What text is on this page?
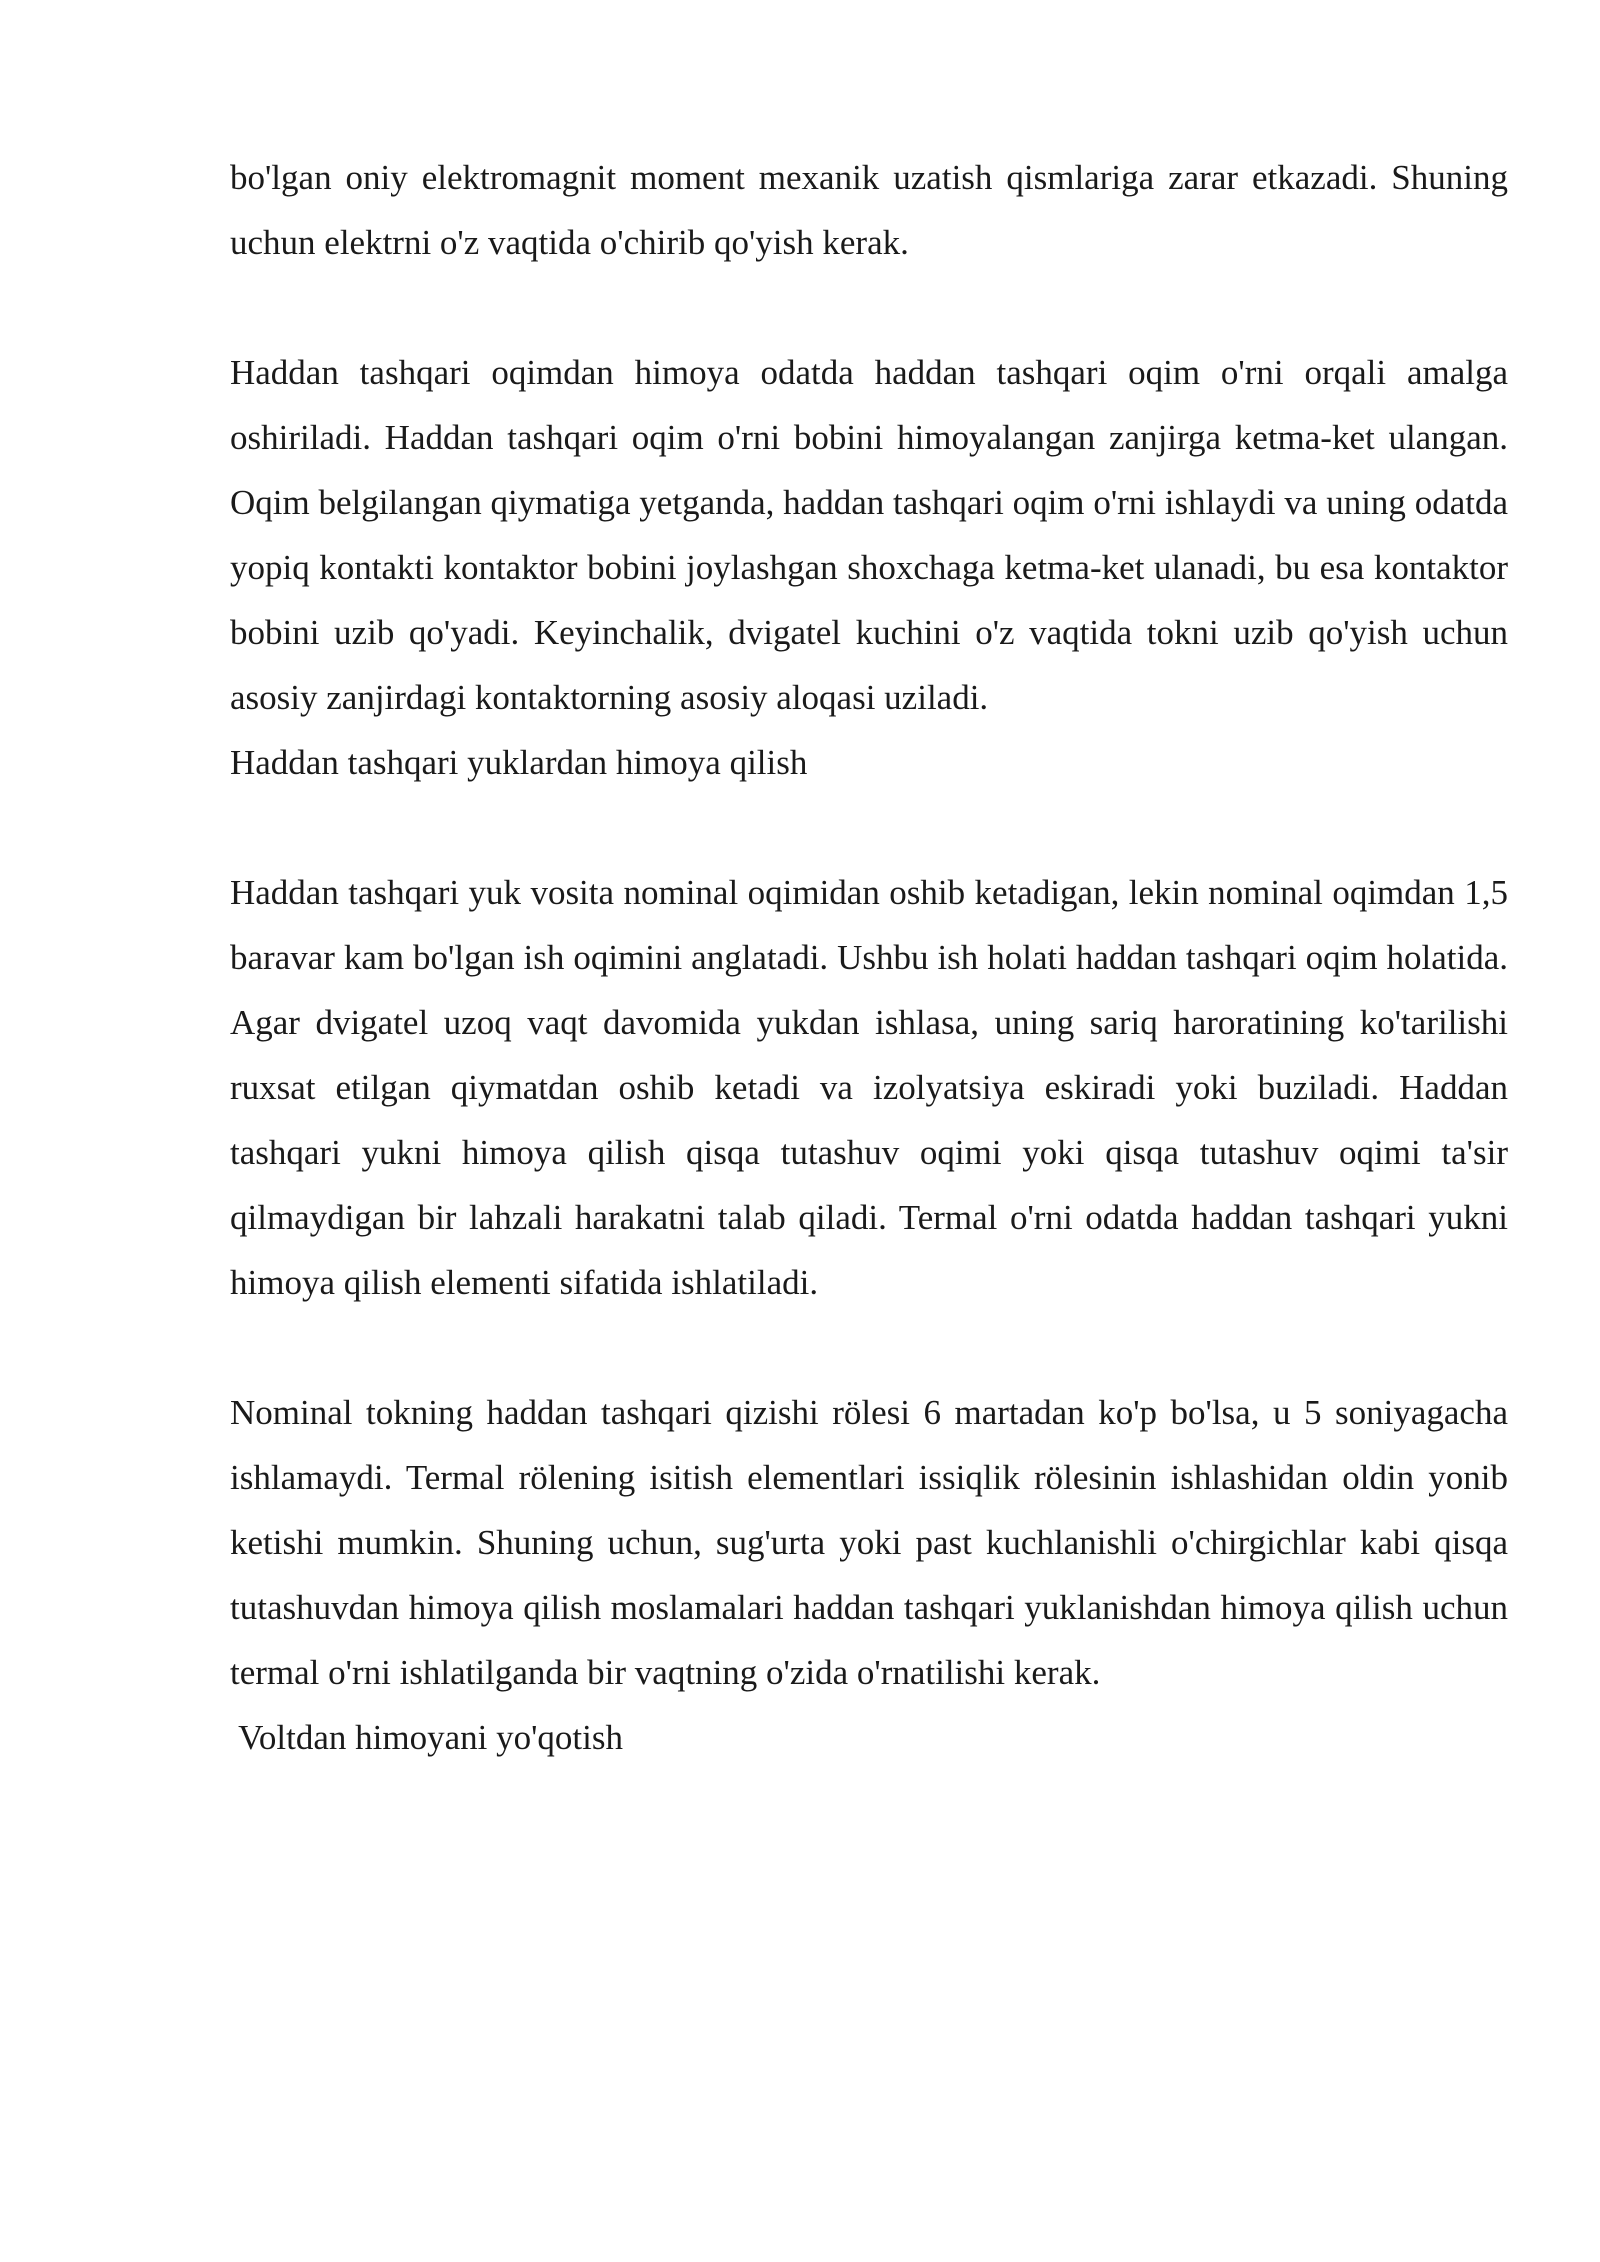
bo'lgan oniy elektromagnit moment mexanik uzatish qismlariga zarar etkazadi. Shuning uchun elektrni o'z vaqtida o'chirib qo'yish kerak.

Haddan tashqari oqimdan himoya odatda haddan tashqari oqim o'rni orqali amalga oshiriladi. Haddan tashqari oqim o'rni bobini himoyalangan zanjirga ketma-ket ulangan. Oqim belgilangan qiymatiga yetganda, haddan tashqari oqim o'rni ishlaydi va uning odatda yopiq kontakti kontaktor bobini joylashgan shoxchaga ketma-ket ulanadi, bu esa kontaktor bobini uzib qo'yadi. Keyinchalik, dvigatel kuchini o'z vaqtida tokni uzib qo'yish uchun asosiy zanjirdagi kontaktorning asosiy aloqasi uziladi.

Haddan tashqari yuklardan himoya qilish

Haddan tashqari yuk vosita nominal oqimidan oshib ketadigan, lekin nominal oqimdan 1,5 baravar kam bo'lgan ish oqimini anglatadi. Ushbu ish holati haddan tashqari oqim holatida. Agar dvigatel uzoq vaqt davomida yukdan ishlasa, uning sariq haroratining ko'tarilishi ruxsat etilgan qiymatdan oshib ketadi va izolyatsiya eskiradi yoki buziladi. Haddan tashqari yukni himoya qilish qisqa tutashuv oqimi yoki qisqa tutashuv oqimi ta'sir qilmaydigan bir lahzali harakatni talab qiladi. Termal o'rni odatda haddan tashqari yukni himoya qilish elementi sifatida ishlatiladi.

Nominal tokning haddan tashqari qizishi rölesi 6 martadan ko'p bo'lsa, u 5 soniyagacha ishlamaydi. Termal rölening isitish elementlari issiqlik rölesinin ishlashidan oldin yonib ketishi mumkin. Shuning uchun, sug'urta yoki past kuchlanishli o'chirgichlar kabi qisqa tutashuvdan himoya qilish moslamalari haddan tashqari yuklanishdan himoya qilish uchun termal o'rni ishlatilganda bir vaqtning o'zida o'rnatilishi kerak.

Voltdan himoyani yo'qotish
